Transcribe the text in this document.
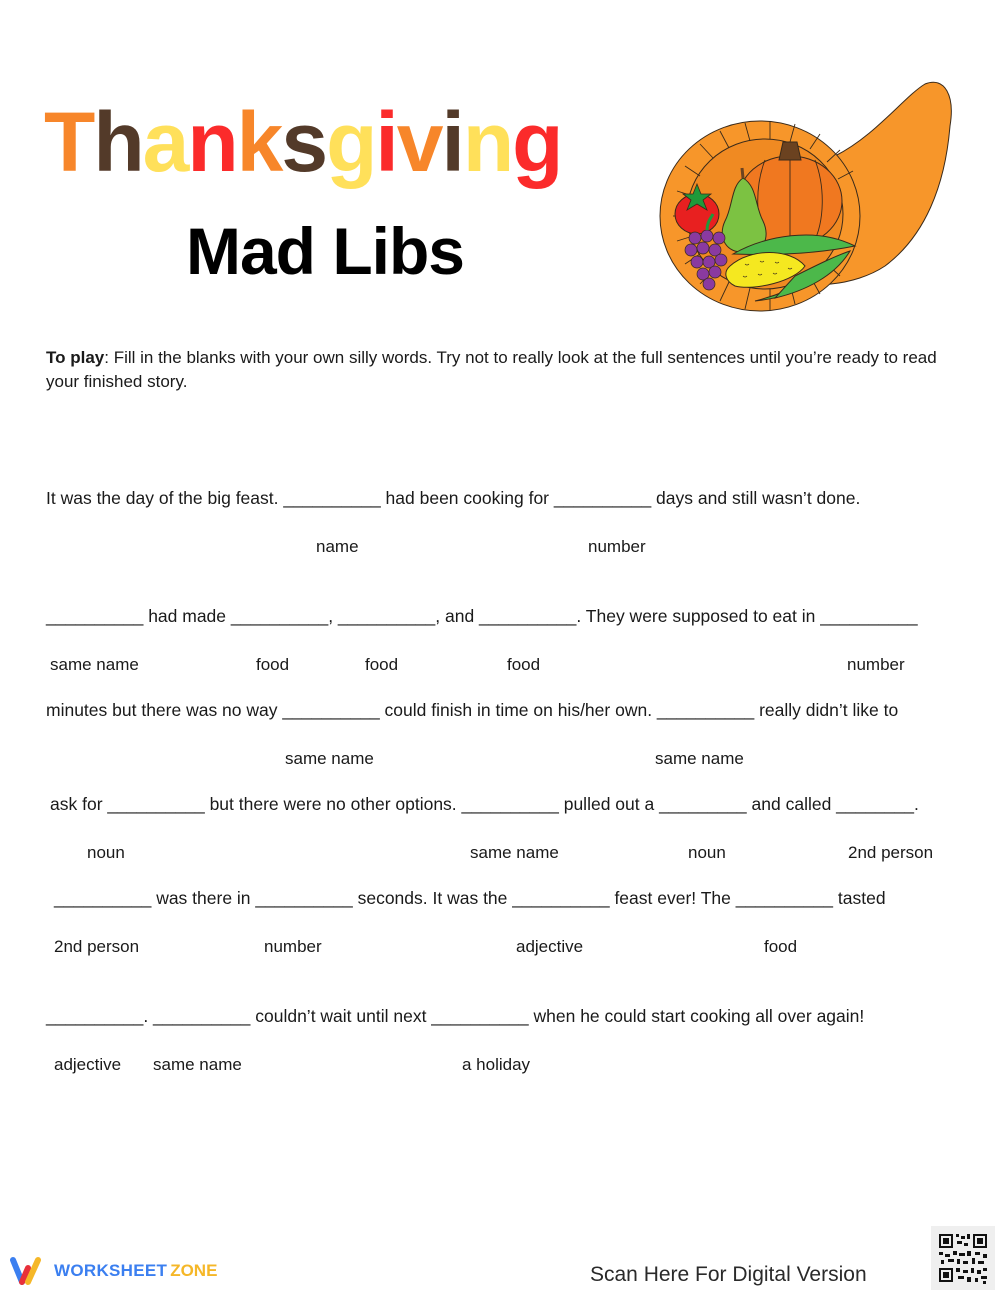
Thanksgiving
Mad Libs
To play: Fill in the blanks with your own silly words. Try not to really look at the full sentences until you’re ready to read your finished story.
It was the day of the big feast. __________ had been cooking for __________ days and still wasn’t done.
__________ had made __________, __________, and __________. They were supposed to eat in __________
minutes but there was no way __________ could finish in time on his/her own. __________ really didn’t like to
ask for __________ but there were no other options. __________ pulled out a _________ and called ________.
__________ was there in __________ seconds. It was the __________ feast ever! The __________ tasted
__________. __________ couldn’t wait until next __________ when he could start cooking all over again!
name	number
same name	food	food	food	number
same name	same name
noun	same name	noun	2nd person
2nd person	number	adjective	food
adjective same name	a holiday
WORKSHEET ZONE	Scan Here For Digital Version
